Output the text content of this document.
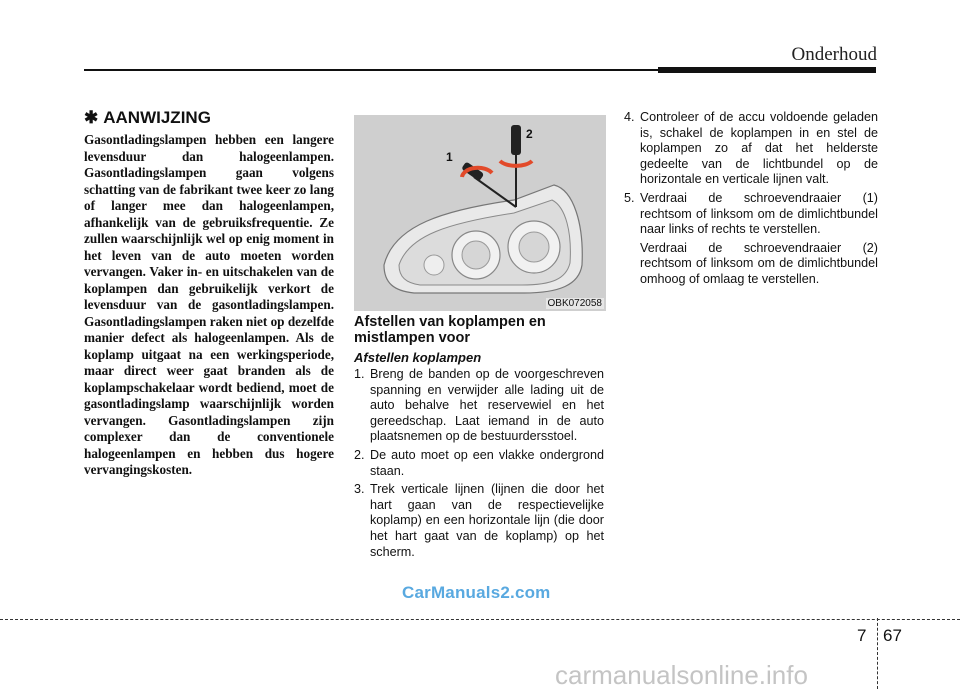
Onderhoud
✱ AANWIJZING

Gasontladingslampen hebben een langere levensduur dan halogeenlampen. Gasontladingslampen gaan volgens schatting van de fabrikant twee keer zo lang of langer mee dan halogeenlampen, afhankelijk van de gebruiksfrequentie. Ze zullen waarschijnlijk wel op enig moment in het leven van de auto moeten worden vervangen. Vaker in- en uitschakelen van de koplampen dan gebruikelijk verkort de levensduur van de gasontladingslampen. Gasontladingslampen raken niet op dezelfde manier defect als halogeenlampen. Als de koplamp uitgaat na een werkingsperiode, maar direct weer gaat branden als de koplampschakelaar wordt bediend, moet de gasontladingslamp waarschijnlijk worden vervangen. Gasontladingslampen zijn complexer dan de conventionele halogeenlampen en hebben dus hogere vervangingskosten.

1
2
OBK072058
Afstellen van koplampen en mistlampen voor
Afstellen koplampen
1. Breng de banden op de voorgeschreven spanning en verwijder alle lading uit de auto behalve het reservewiel en het gereedschap. Laat iemand in de auto plaatsnemen op de bestuurdersstoel.
2. De auto moet op een vlakke ondergrond staan.
3. Trek verticale lijnen (lijnen die door het hart gaan van de respectievelijke koplamp) en een horizontale lijn (die door het hart gaat van de koplamp) op het scherm.
4. Controleer of de accu voldoende geladen is, schakel de koplampen in en stel de koplampen zo af dat het helderste gedeelte van de lichtbundel op de horizontale en verticale lijnen valt.
5. Verdraai de schroevendraaier (1) rechtsom of linksom om de dimlichtbundel naar links of rechts te verstellen.

Verdraai de schroevendraaier (2) rechtsom of linksom om de dimlichtbundel omhoog of omlaag te verstellen.

CarManuals2.com
7 67
carmanualsonline.info
